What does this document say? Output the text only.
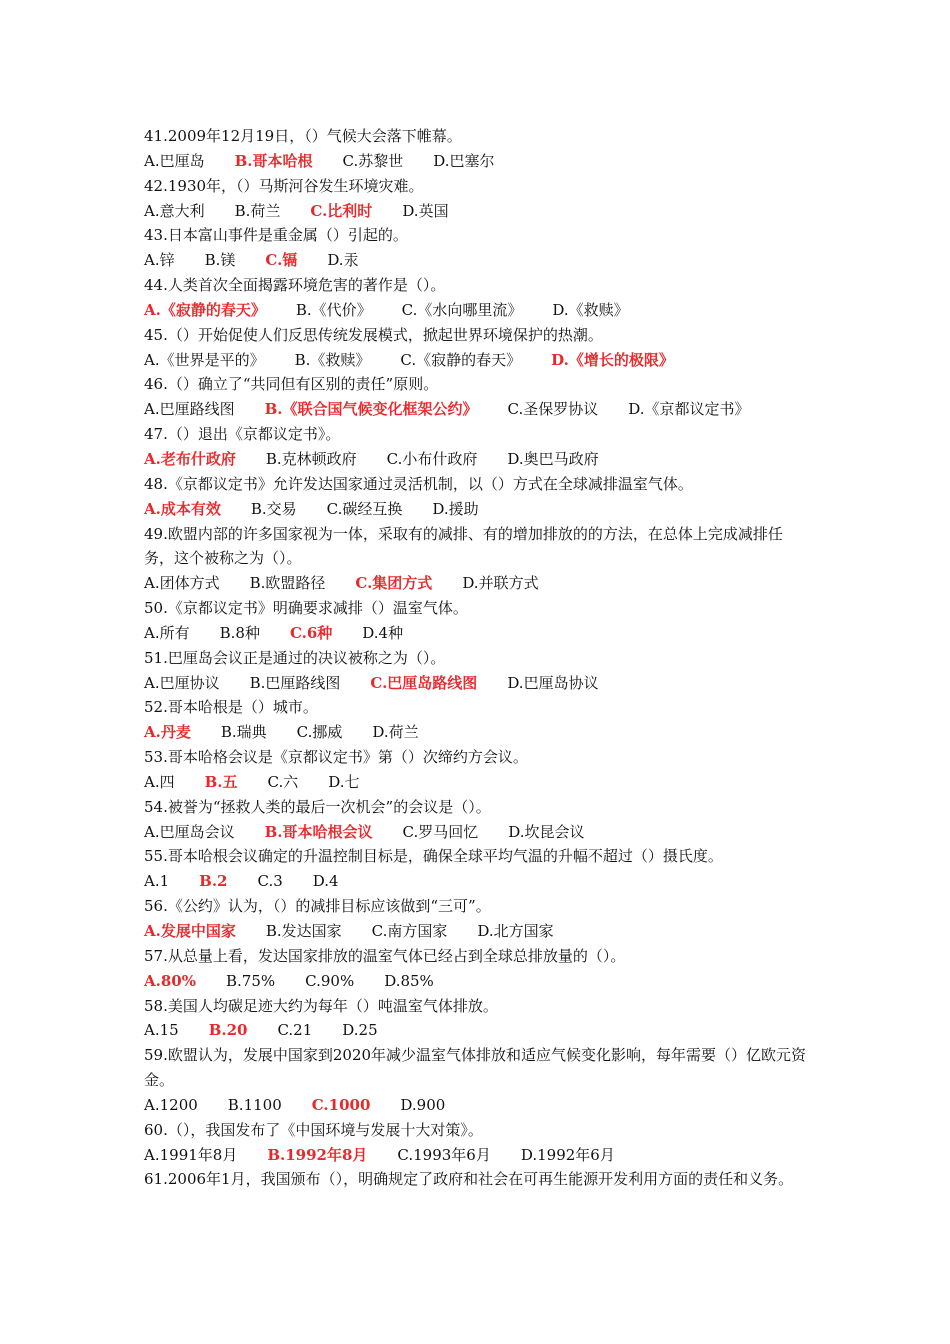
41.2009年12月19日，（）气候大会落下帷幕。
A.巴厘岛 B.哥本哈根 C.苏黎世 D.巴塞尔
42.1930年，（）马斯河谷发生环境灾难。
A.意大利 B.荷兰 C.比利时 D.英国
43.日本富山事件是重金属（）引起的。
A.锌 B.镁 C.镉 D.汞
44.人类首次全面揭露环境危害的著作是（）。
A.《寂静的春天》 B.《代价》 C.《水向哪里流》 D.《救赎》
45.（）开始促使人们反思传统发展模式，掀起世界环境保护的热潮。
A.《世界是平的》 B.《救赎》 C.《寂静的春天》 D.《增长的极限》
46.（）确立了“共同但有区别的责任”原则。
A.巴厘路线图 B.《联合国气候变化框架公约》 C.圣保罗协议 D.《京都议定书》
47.（）退出《京都议定书》。
A.老布什政府 B.克林顿政府 C.小布什政府 D.奥巴马政府
48.《京都议定书》允许发达国家通过灵活机制，以（）方式在全球减排温室气体。
A.成本有效 B.交易 C.碳经互换 D.援助
49.欧盟内部的许多国家视为一体，采取有的减排、有的增加排放的的方法，在总体上完成减排任务，这个被称之为（）。
A.团体方式 B.欧盟路径 C.集团方式 D.并联方式
50.《京都议定书》明确要求减排（）温室气体。
A.所有 B.8种 C.6种 D.4种
51.巴厘岛会议正是通过的决议被称之为（）。
A.巴厘协议 B.巴厘路线图 C.巴厘岛路线图 D.巴厘岛协议
52.哥本哈根是（）城市。
A.丹麦 B.瑞典 C.挪威 D.荷兰
53.哥本哈格会议是《京都议定书》第（）次缔约方会议。
A.四 B.五 C.六 D.七
54.被誉为“拯救人类的最后一次机会”的会议是（）。
A.巴厘岛会议 B.哥本哈根会议 C.罗马回忆 D.坎昆会议
55.哥本哈根会议确定的升温控制目标是，确保全球平均气温的升幅不超过（）摄氏度。
A.1 B.2 C.3 D.4
56.《公约》认为，（）的减排目标应该做到“三可”。
A.发展中国家 B.发达国家 C.南方国家 D.北方国家
57.从总量上看，发达国家排放的温室气体已经占到全球总排放量的（）。
A.80% B.75% C.90% D.85%
58.美国人均碳足迹大约为每年（）吨温室气体排放。
A.15 B.20 C.21 D.25
59.欧盟认为，发展中国家到2020年减少温室气体排放和适应气候变化影响，每年需要（）亿欧元资金。
A.1200 B.1100 C.1000 D.900
60.（），我国发布了《中国环境与发展十大对策》。
A.1991年8月 B.1992年8月 C.1993年6月 D.1992年6月
61.2006年1月，我国颁布（），明确规定了政府和社会在可再生能源开发利用方面的责任和义务。
